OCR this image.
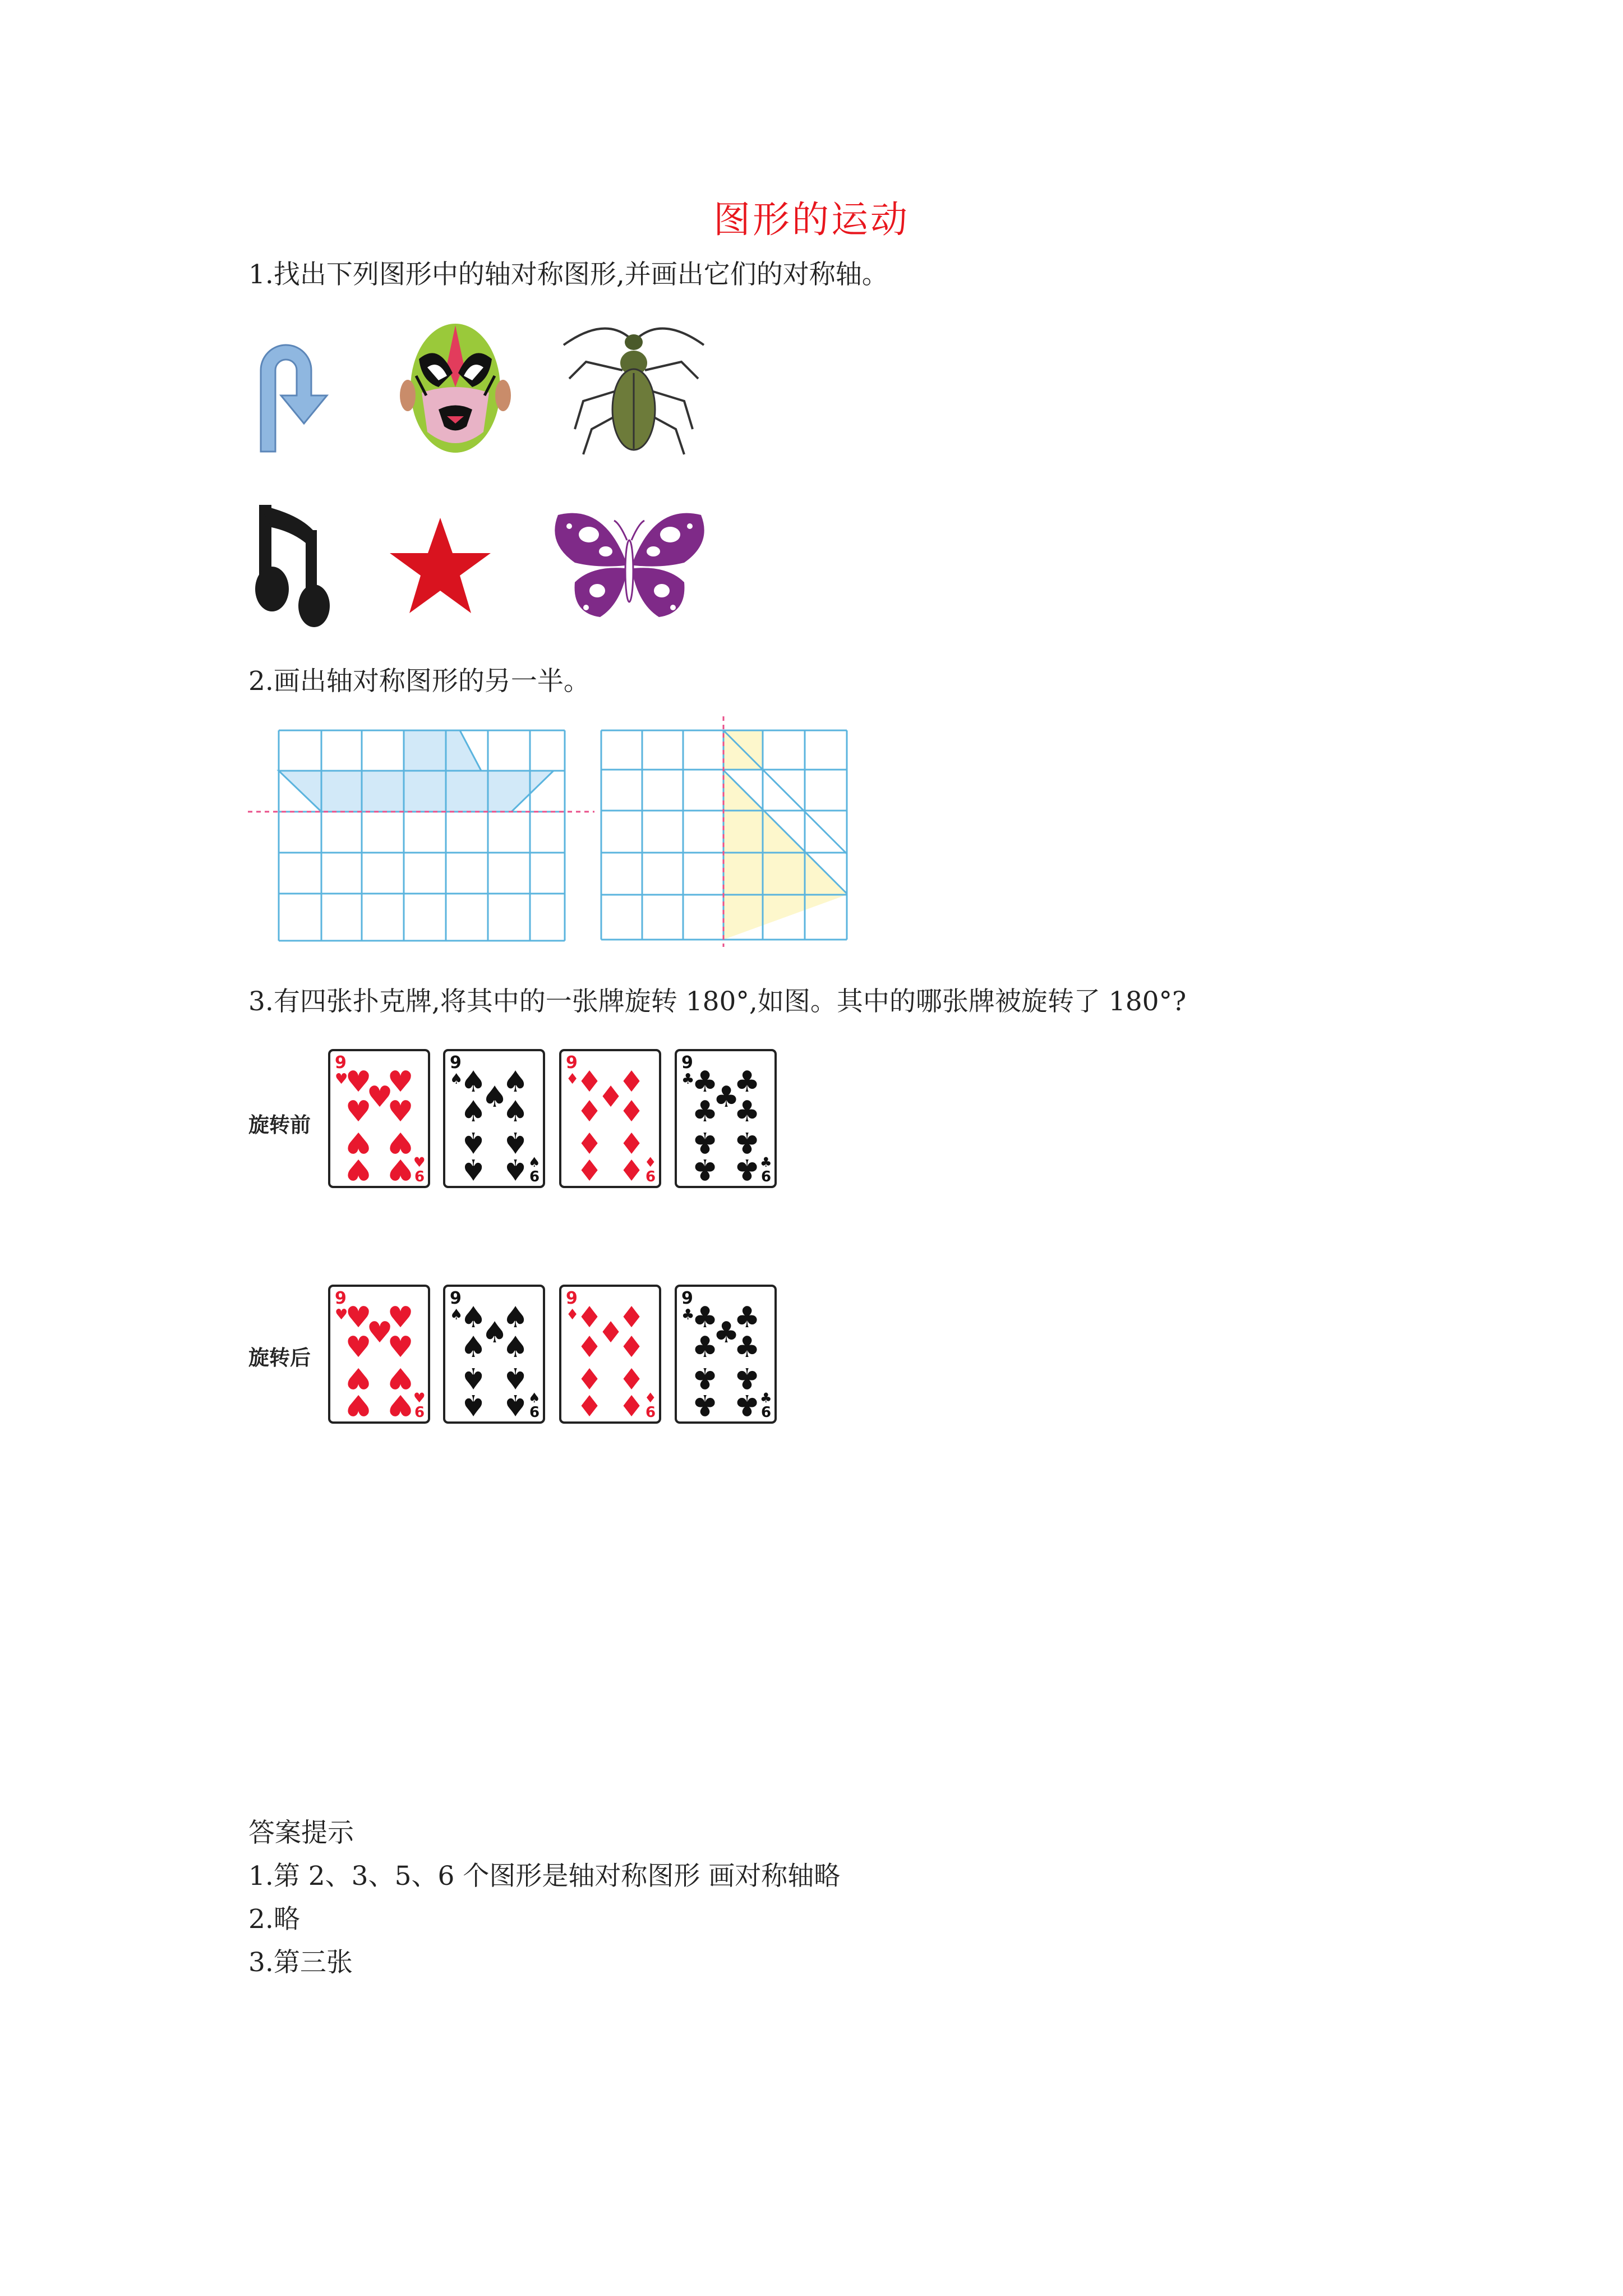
图形的运动
1.找出下列图形中的轴对称图形,并画出它们的对称轴。
2.画出轴对称图形的另一半。
3.有四张扑克牌,将其中的一张牌旋转 180°,如图。其中的哪张牌被旋转了 180°?
旋转前
旋转后
9
♥
6
♥
♥ ♥
♥ ♥
♥
♥ ♥
♥ ♥
9
♠
6
♠
♠ ♠
♠ ♠
♠
♠ ♠
♠ ♠
9
♦
6
♦
♦ ♦
♦ ♦
♦
♦ ♦
♦ ♦
9
♣
6
♣
♣ ♣
♣ ♣
♣
♣ ♣
♣ ♣
9
♥
6
♥
♥ ♥
♥ ♥
♥
♥ ♥
♥ ♥
9
♠
6
♠
♠ ♠
♠ ♠
♠
♠ ♠
♠ ♠
9
♦
6
♦
♦ ♦
♦ ♦
♦
♦ ♦
♦ ♦
9
♣
6
♣
♣ ♣
♣ ♣
♣
♣ ♣
♣ ♣
答案提示
1.第 2、3、5、6 个图形是轴对称图形 画对称轴略
2.略
3.第三张
